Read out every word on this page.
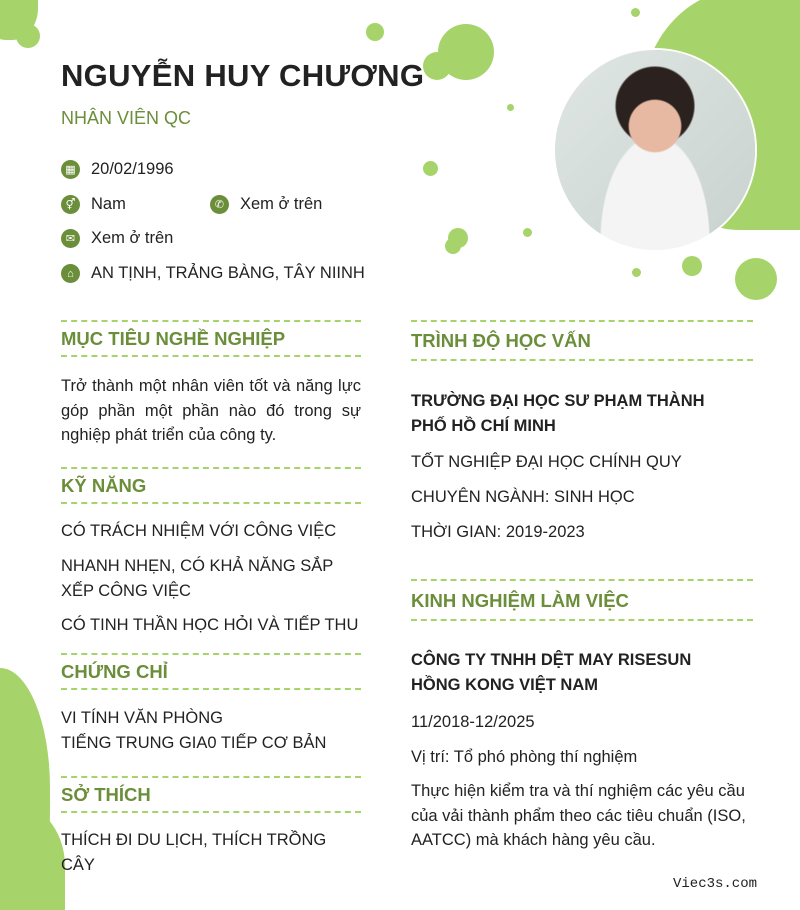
NGUYỄN HUY CHƯƠNG
NHÂN VIÊN QC
▦ 20/02/1996
⚥ Nam	✆ Xem ở trên
✉ Xem ở trên
⌂	AN TỊNH, TRẢNG BÀNG, TÂY NIINH
MỤC TIÊU NGHỀ NGHIỆP
Trở thành một nhân viên tốt và năng lực góp phần một phần nào đó trong sự nghiệp phát triển của công ty.
KỸ NĂNG
CÓ TRÁCH NHIỆM VỚI CÔNG VIỆC
NHANH NHẸN, CÓ KHẢ NĂNG SẮP XẾP CÔNG VIỆC
CÓ TINH THẦN HỌC HỎI VÀ TIẾP THU
CHỨNG CHỈ
VI TÍNH VĂN PHÒNG
TIẾNG TRUNG GIA0 TIẾP CƠ BẢN
SỞ THÍCH
THÍCH ĐI DU LỊCH, THÍCH TRỒNG CÂY
TRÌNH ĐỘ HỌC VẤN
TRƯỜNG ĐẠI HỌC SƯ PHẠM THÀNH PHỐ HỒ CHÍ MINH
TỐT NGHIỆP ĐẠI HỌC CHÍNH QUY
CHUYÊN NGÀNH: SINH HỌC
THỜI GIAN: 2019-2023
KINH NGHIỆM LÀM VIỆC
CÔNG TY TNHH DỆT MAY RISESUN HỒNG KONG VIỆT NAM
11/2018-12/2025
Vị trí: Tổ phó phòng thí nghiệm
Thực hiện kiểm tra và thí nghiệm các yêu cầu của vải thành phẩm theo các tiêu chuẩn (ISO, AATCC) mà khách hàng yêu cầu.
Viec3s.com
